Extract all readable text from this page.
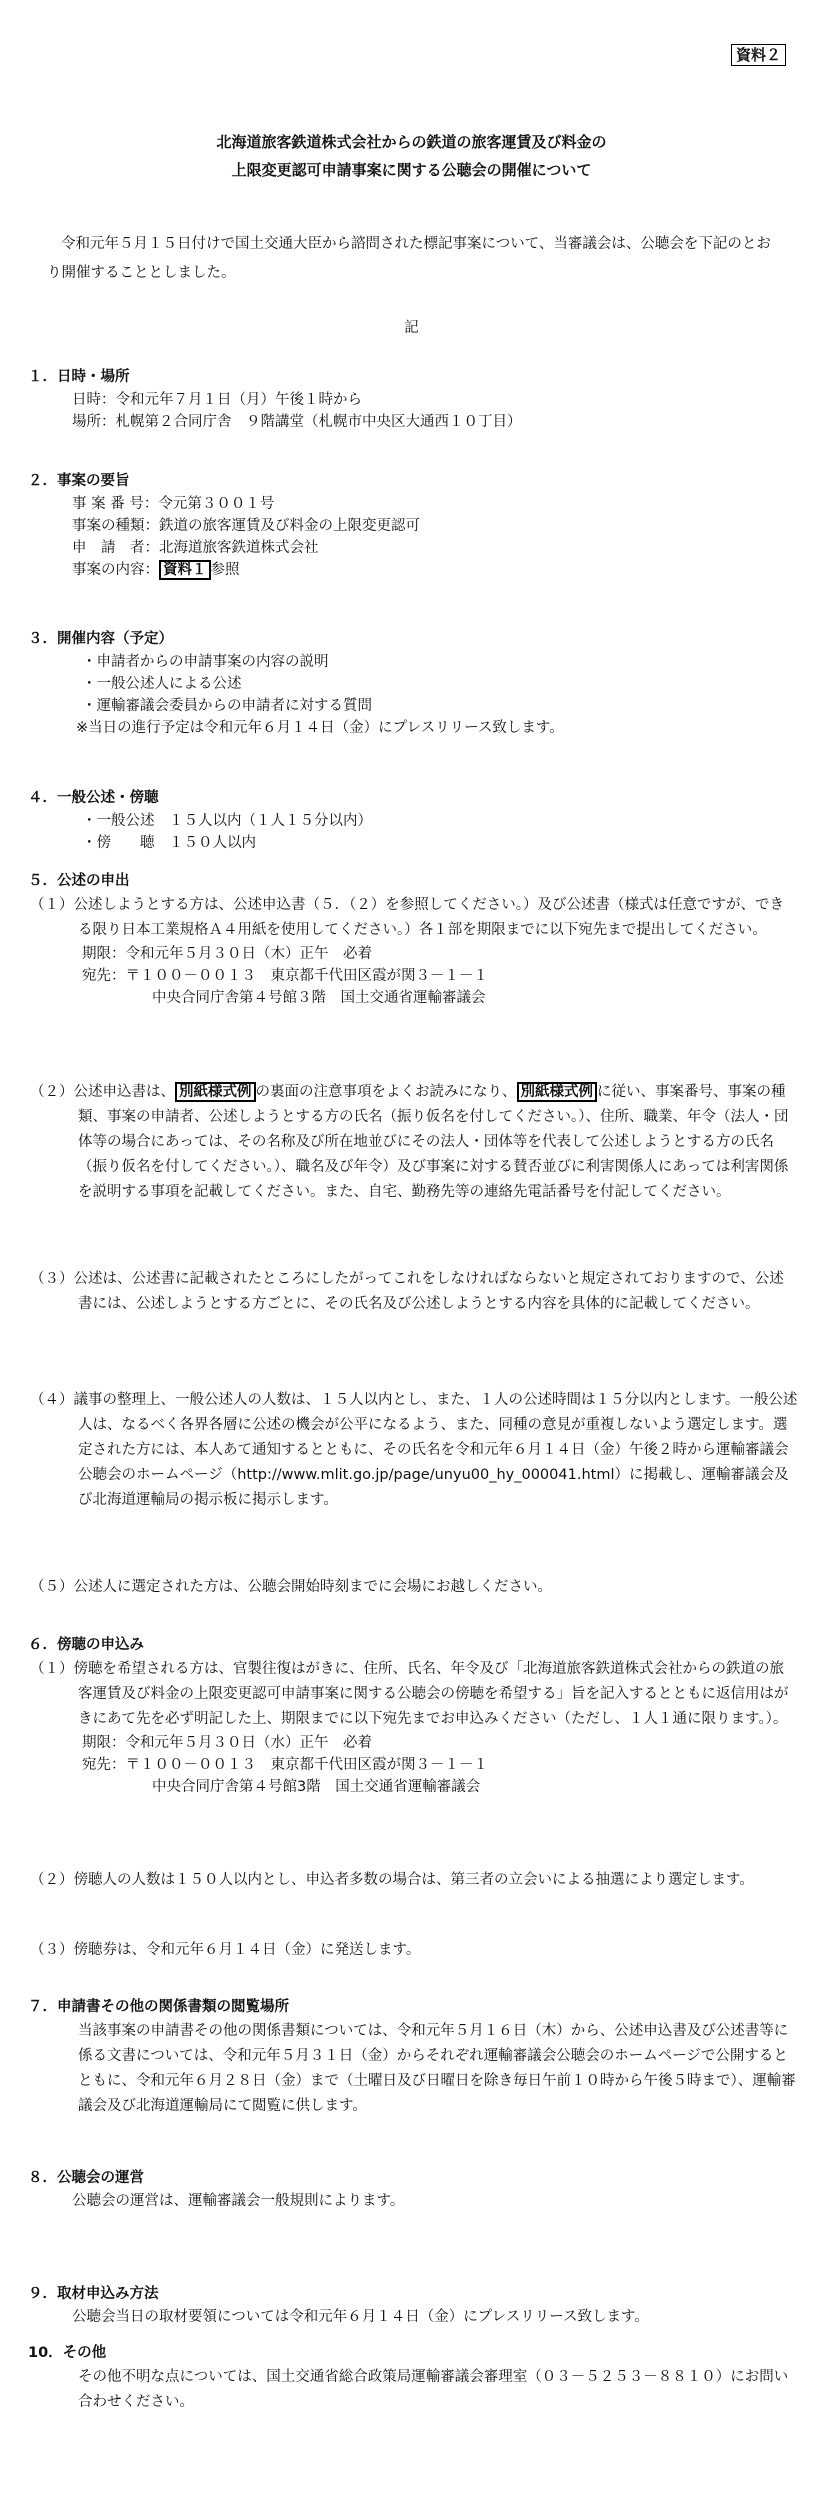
資料２
北海道旅客鉄道株式会社からの鉄道の旅客運賃及び料金の
上限変更認可申請事案に関する公聴会の開催について
令和元年５月１５日付けで国土交通大臣から諮問された標記事案について、当審議会は、公聴会を下記のとおり開催することとしました。
記
１．日時・場所
日時：令和元年７月１日（月）午後１時から
場所：札幌第２合同庁舎　９階講堂（札幌市中央区大通西１０丁目）
２．事案の要旨
事 案 番 号：令元第３００１号
事案の種類：鉄道の旅客運賃及び料金の上限変更認可
申　請　者：北海道旅客鉄道株式会社
事案の内容： 資料１ 参照
３．開催内容（予定）
・申請者からの申請事案の内容の説明
・一般公述人による公述
・運輸審議会委員からの申請者に対する質問
※当日の進行予定は令和元年６月１４日（金）にプレスリリース致します。
４．一般公述・傍聴
・一般公述　１５人以内（１人１５分以内）
・傍　　聴　１５０人以内
５．公述の申出
（１）公述しようとする方は、公述申込書（５．（２）を参照してください。）及び公述書（様式は任意ですが、できる限り日本工業規格Ａ４用紙を使用してください。）各１部を期限までに以下宛先まで提出してください。
期限：令和元年５月３０日（木）正午　必着
宛先：〒１００－００１３　東京都千代田区霞が関３－１－１
中央合同庁舎第４号館３階　国土交通省運輸審議会
（２）公述申込書は、 別紙様式例 の裏面の注意事項をよくお読みになり、 別紙様式例 に従い、事案番号、事案の種類、事案の申請者、公述しようとする方の氏名（振り仮名を付してください。）、住所、職業、年令（法人・団体等の場合にあっては、その名称及び所在地並びにその法人・団体等を代表して公述しようとする方の氏名（振り仮名を付してください。）、職名及び年令）及び事案に対する賛否並びに利害関係人にあっては利害関係を説明する事項を記載してください。また、自宅、勤務先等の連絡先電話番号を付記してください。
（３）公述は、公述書に記載されたところにしたがってこれをしなければならないと規定されておりますので、公述書には、公述しようとする方ごとに、その氏名及び公述しようとする内容を具体的に記載してください。
（４）議事の整理上、一般公述人の人数は、１５人以内とし、また、１人の公述時間は１５分以内とします。一般公述人は、なるべく各界各層に公述の機会が公平になるよう、また、同種の意見が重複しないよう選定します。選定された方には、本人あて通知するとともに、その氏名を令和元年６月１４日（金）午後２時から運輸審議会公聴会のホームページ（http://www.mlit.go.jp/page/unyu00_hy_000041.html）に掲載し、運輸審議会及び北海道運輸局の掲示板に掲示します。
（５）公述人に選定された方は、公聴会開始時刻までに会場にお越しください。
６．傍聴の申込み
（１）傍聴を希望される方は、官製往復はがきに、住所、氏名、年令及び「北海道旅客鉄道株式会社からの鉄道の旅客運賃及び料金の上限変更認可申請事案に関する公聴会の傍聴を希望する」旨を記入するとともに返信用はがきにあて先を必ず明記した上、期限までに以下宛先までお申込みください（ただし、１人１通に限ります。）。
期限：令和元年５月３０日（水）正午　必着
宛先：〒１００－００１３　東京都千代田区霞が関３－１－１
中央合同庁舎第４号館3階　国土交通省運輸審議会
（２）傍聴人の人数は１５０人以内とし、申込者多数の場合は、第三者の立会いによる抽選により選定します。
（３）傍聴券は、令和元年６月１４日（金）に発送します。
７．申請書その他の関係書類の閲覧場所
当該事案の申請書その他の関係書類については、令和元年５月１６日（木）から、公述申込書及び公述書等に係る文書については、令和元年５月３１日（金）からそれぞれ運輸審議会公聴会のホームページで公開するとともに、令和元年６月２８日（金）まで（土曜日及び日曜日を除き毎日午前１０時から午後５時まで）、運輸審議会及び北海道運輸局にて閲覧に供します。
８．公聴会の運営
公聴会の運営は、運輸審議会一般規則によります。
９．取材申込み方法
公聴会当日の取材要領については令和元年６月１４日（金）にプレスリリース致します。
10．その他
その他不明な点については、国土交通省総合政策局運輸審議会審理室（０３－５２５３－８８１０）にお問い合わせください。
